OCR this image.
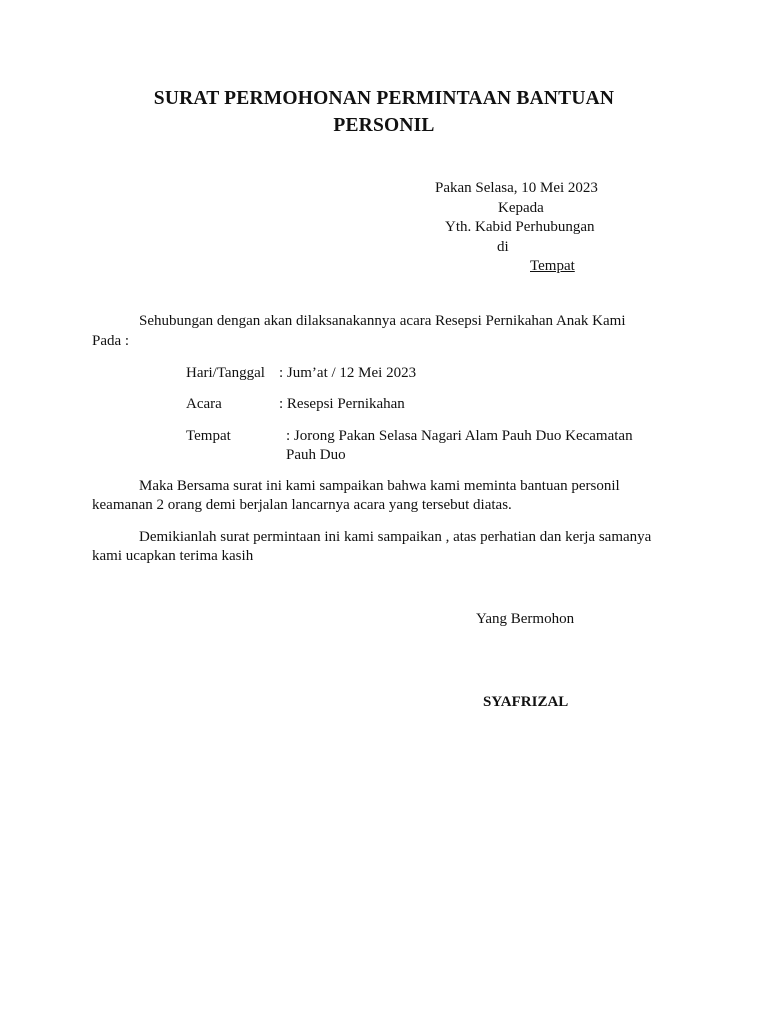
SURAT PERMOHONAN PERMINTAAN BANTUAN
PERSONIL
Pakan Selasa, 10 Mei 2023
Kepada
Yth. Kabid Perhubungan
di
Tempat
Sehubungan dengan akan dilaksanakannya acara Resepsi Pernikahan Anak Kami
Pada :
Hari/Tanggal : Jum’at / 12 Mei 2023
Acara	: Resepsi Pernikahan
Tempat	: Jorong Pakan Selasa Nagari Alam Pauh Duo Kecamatan
Pauh Duo
Maka Bersama surat ini kami sampaikan bahwa kami meminta bantuan personil
keamanan 2 orang demi berjalan lancarnya acara yang tersebut diatas.
Demikianlah surat permintaan ini kami sampaikan , atas perhatian dan kerja samanya
kami ucapkan terima kasih
Yang Bermohon
SYAFRIZAL
